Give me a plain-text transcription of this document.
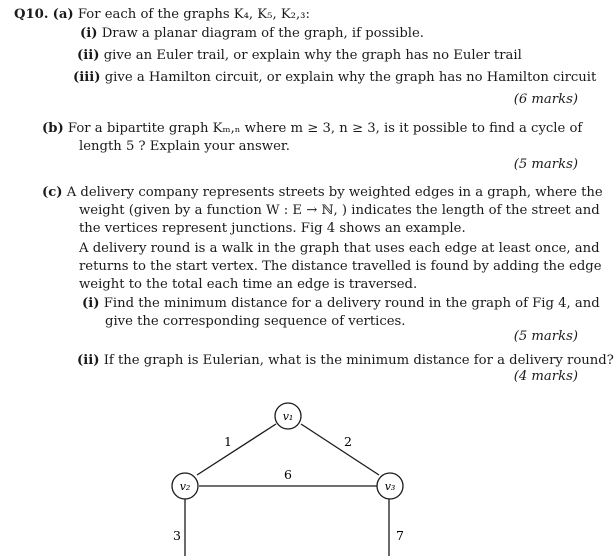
Q10. (a) For each of the graphs K₄, K₅, K₂,₃:
(i) Draw a planar diagram of the graph, if possible.
(ii) give an Euler trail, or explain why the graph has no Euler trail
(iii) give a Hamilton circuit, or explain why the graph has no Hamilton circuit
(6 marks)
(b) For a bipartite graph Kₘ,ₙ where m ≥ 3, n ≥ 3, is it possible to find a cycle of
length 5 ? Explain your answer.
(5 marks)
(c) A delivery company represents streets by weighted edges in a graph, where the
weight (given by a function W : E → ℕ, ) indicates the length of the street and
the vertices represent junctions. Fig 4 shows an example.
A delivery round is a walk in the graph that uses each edge at least once, and
returns to the start vertex. The distance travelled is found by adding the edge
weight to the total each time an edge is traversed.
(i) Find the minimum distance for a delivery round in the graph of Fig 4, and
give the corresponding sequence of vertices.
(5 marks)
(ii) If the graph is Eulerian, what is the minimum distance for a delivery round?
(4 marks)
v₁
v₂	v₃
1	2
6
3	7
